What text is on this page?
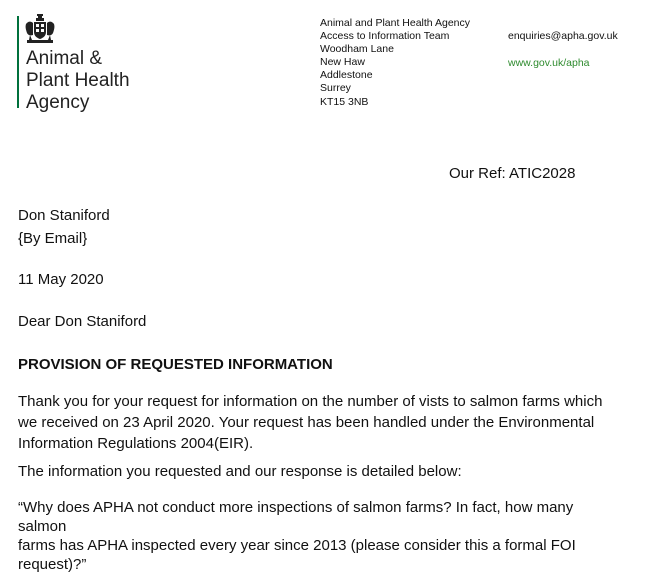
Animal &
Plant Health
Agency
Animal and Plant Health Agency
Access to Information Team
Woodham Lane
New Haw
Addlestone
Surrey
KT15 3NB
enquiries@apha.gov.uk
www.gov.uk/apha
Our Ref: ATIC2028
Don Staniford
{By Email}
11 May 2020
Dear Don Staniford
PROVISION OF REQUESTED INFORMATION
Thank you for your request for information on the number of vists to salmon farms which
we received on 23 April 2020. Your request has been handled under the Environmental
Information Regulations 2004(EIR).
The information you requested and our response is detailed below:
“Why does APHA not conduct more inspections of salmon farms? In fact, how many
salmon
farms has APHA inspected every year since 2013 (please consider this a formal FOI
request)?”
